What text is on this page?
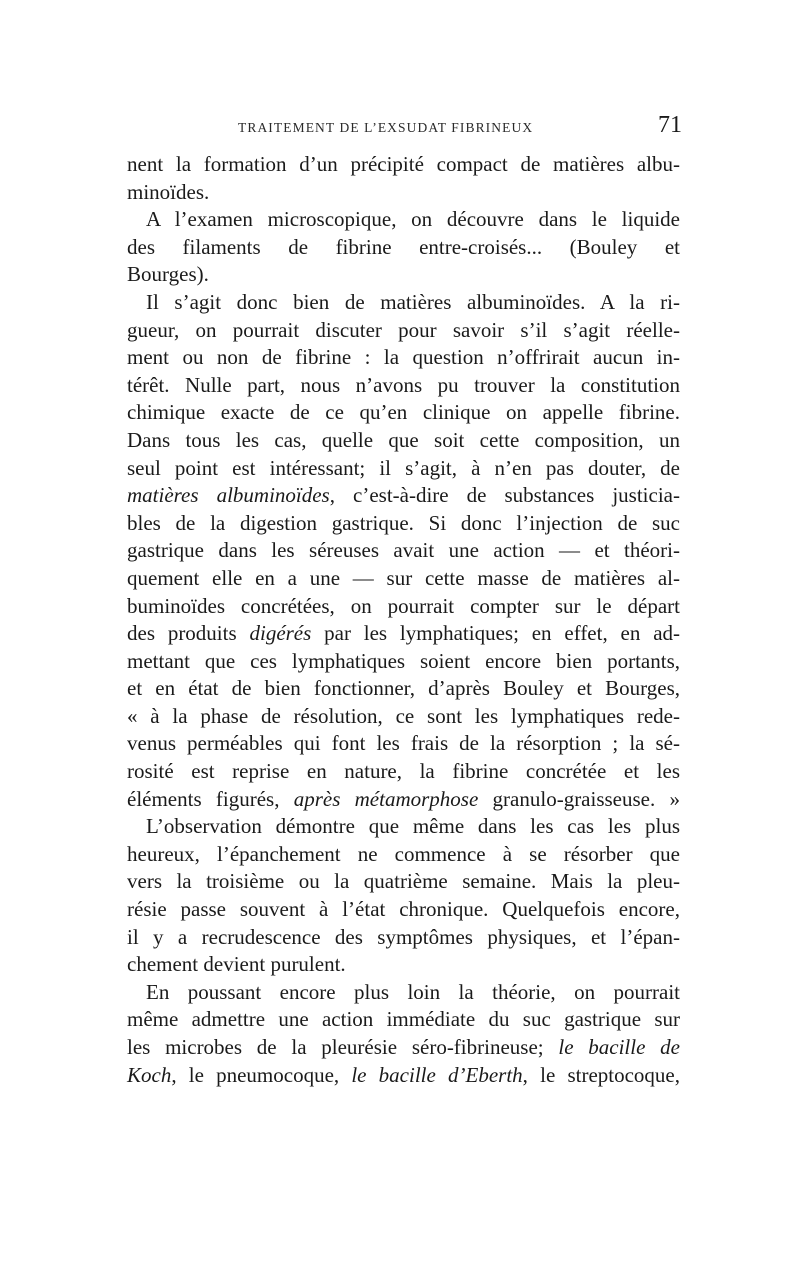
TRAITEMENT DE L’EXSUDAT FIBRINEUX	71
nent la formation d’un précipité compact de matières albu-
minoïdes.
A l’examen microscopique, on découvre dans le liquide
des filaments de fibrine entre-croisés... (Bouley et
Bourges).
Il s’agit donc bien de matières albuminoïdes. A la ri-
gueur, on pourrait discuter pour savoir s’il s’agit réelle-
ment ou non de fibrine : la question n’offrirait aucun in-
térêt. Nulle part, nous n’avons pu trouver la constitution
chimique exacte de ce qu’en clinique on appelle fibrine.
Dans tous les cas, quelle que soit cette composition, un
seul point est intéressant; il s’agit, à n’en pas douter, de
matières albuminoïdes, c’est-à-dire de substances justicia-
bles de la digestion gastrique. Si donc l’injection de suc
gastrique dans les séreuses avait une action — et théori-
quement elle en a une — sur cette masse de matières al-
buminoïdes concrétées, on pourrait compter sur le départ
des produits digérés par les lymphatiques; en effet, en ad-
mettant que ces lymphatiques soient encore bien portants,
et en état de bien fonctionner, d’après Bouley et Bourges,
« à la phase de résolution, ce sont les lymphatiques rede-
venus perméables qui font les frais de la résorption ; la sé-
rosité est reprise en nature, la fibrine concrétée et les
éléments figurés, après métamorphose granulo-graisseuse. »
L’observation démontre que même dans les cas les plus
heureux, l’épanchement ne commence à se résorber que
vers la troisième ou la quatrième semaine. Mais la pleu-
résie passe souvent à l’état chronique. Quelquefois encore,
il y a recrudescence des symptômes physiques, et l’épan-
chement devient purulent.
En poussant encore plus loin la théorie, on pourrait
même admettre une action immédiate du suc gastrique sur
les microbes de la pleurésie séro-fibrineuse; le bacille de
Koch, le pneumocoque, le bacille d’Eberth, le streptocoque,
